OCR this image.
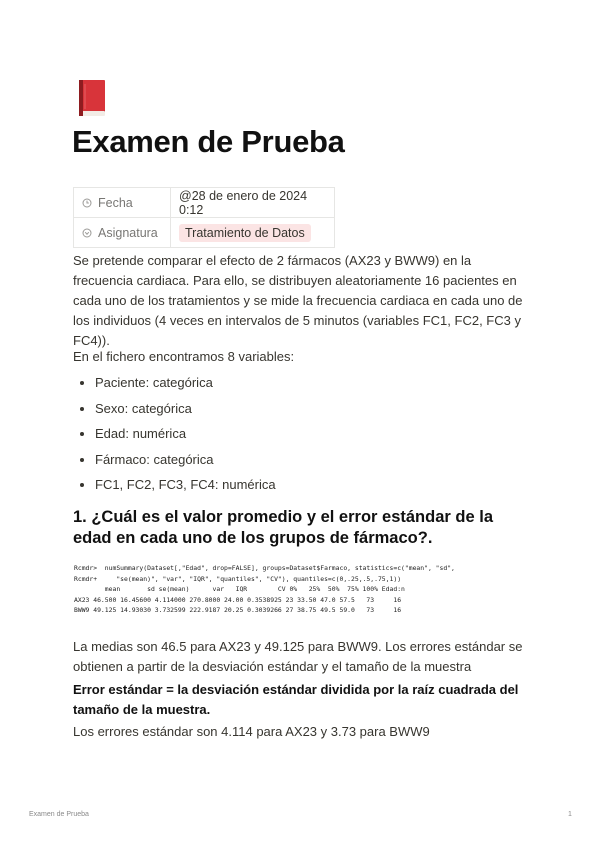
Examen de Prueba
Fecha	@28 de enero de 2024 0:12
Asignatura	Tratamiento de Datos

Se pretende comparar el efecto de 2 fármacos (AX23 y BWW9) en la frecuencia cardiaca. Para ello, se distribuyen aleatoriamente 16 pacientes en cada uno de los tratamientos y se mide la frecuencia cardiaca en cada uno de los individuos (4 veces en intervalos de 5 minutos (variables FC1, FC2, FC3 y FC4)).

En el fichero encontramos 8 variables:

• Paciente: categórica
• Sexo: categórica
• Edad: numérica
• Fármaco: categórica
• FC1, FC2, FC3, FC4: numérica
1. ¿Cuál es el valor promedio y el error estándar de la edad en cada uno de los grupos de fármaco?.
Rcmdr>  numSummary(Dataset[,"Edad", drop=FALSE], groups=Dataset$Farmaco, statistics=c("mean", "sd",
Rcmdr+     "se(mean)", "var", "IQR", "quantiles", "CV"), quantiles=c(0,.25,.5,.75,1))
mean       sd se(mean)      var   IQR        CV 0%   25%  50%  75% 100% Edad:n
AX23 46.500 16.45600 4.114000 270.8000 24.00 0.3538925 23 33.50 47.0 57.5   73     16
BWW9 49.125 14.93030 3.732599 222.9187 20.25 0.3039266 27 38.75 49.5 59.0   73     16

La medias son 46.5 para AX23 y 49.125 para BWW9. Los errores estándar se obtienen a partir de la desviación estándar y el tamaño de la muestra

Error estándar = la desviación estándar dividida por la raíz cuadrada del tamaño de la muestra.

Los errores estándar son 4.114 para AX23 y 3.73 para BWW9

Examen de Prueba	1
